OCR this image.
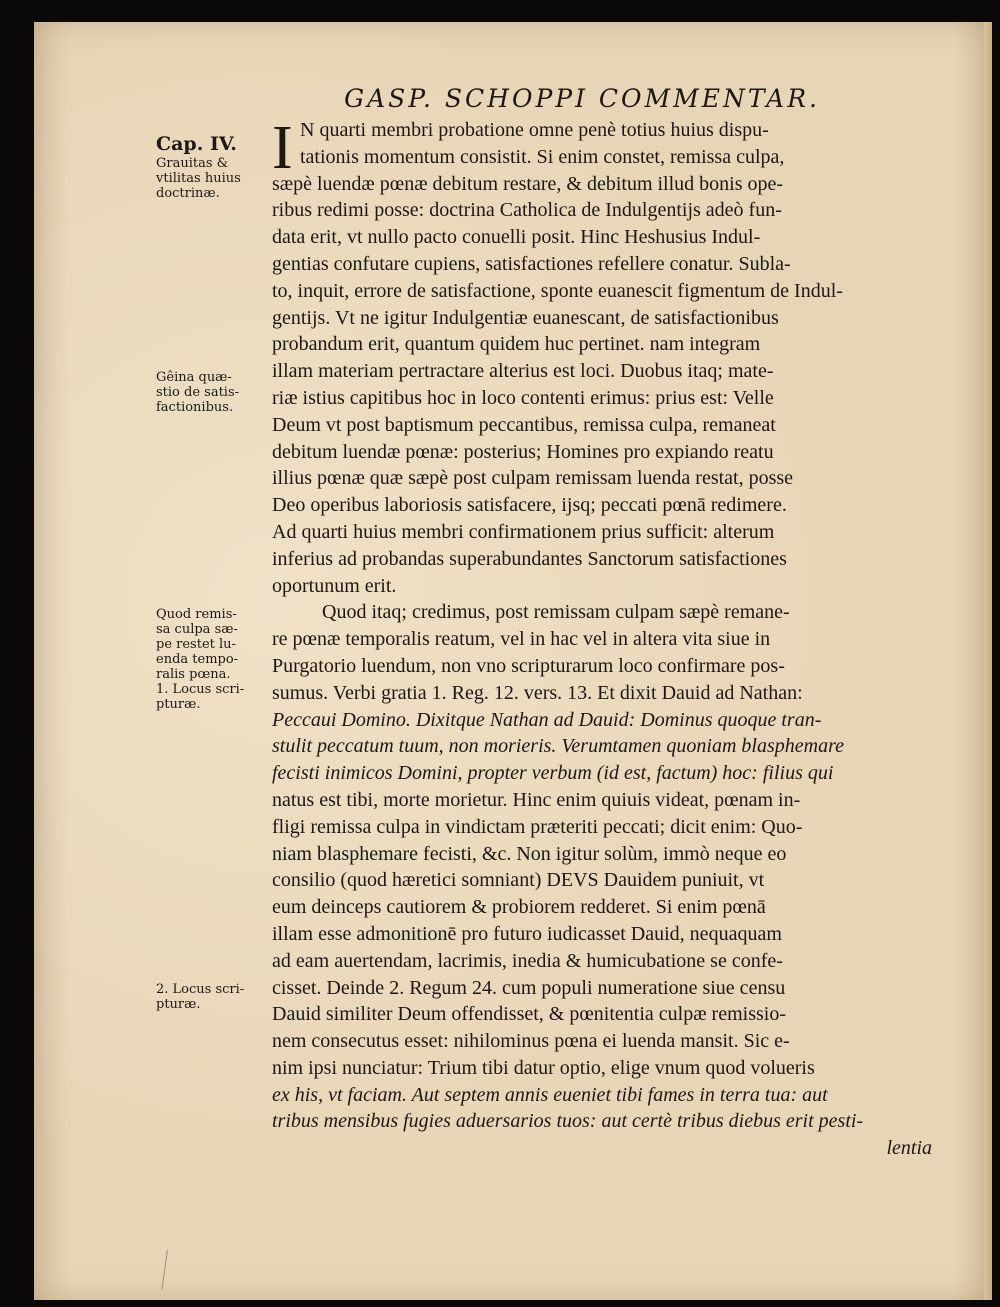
GASP. SCHOPPI COMMENTAR.
Cap. IV.
Grauitas &
vtilitas huius
doctrinæ.
Gêina quæ-
stio de satis-
factionibus.
Quod remis-
sa culpa sæ-
pe restet lu-
enda tempo-
ralis pœna.
1. Locus scri-
pturæ.
2. Locus scri-
pturæ.
I N quarti membri probatione omne penè totius huius dispu-
tationis momentum consistit. Si enim constet, remissa culpa,
sæpè luendæ pœnæ debitum restare, & debitum illud bonis ope-
ribus redimi posse: doctrina Catholica de Indulgentijs adeò fun-
data erit, vt nullo pacto conuelli posit. Hinc Heshusius Indul-
gentias confutare cupiens, satisfactiones refellere conatur. Subla-
to, inquit, errore de satisfactione, sponte euanescit figmentum de Indul-
gentijs. Vt ne igitur Indulgentiæ euanescant, de satisfactionibus
probandum erit, quantum quidem huc pertinet. nam integram
illam materiam pertractare alterius est loci. Duobus itaq; mate-
riæ istius capitibus hoc in loco contenti erimus: prius est: Velle
Deum vt post baptismum peccantibus, remissa culpa, remaneat
debitum luendæ pœnæ: posterius; Homines pro expiando reatu
illius pœnæ quæ sæpè post culpam remissam luenda restat, posse
Deo operibus laboriosis satisfacere, ijsq; peccati pœnā redimere.
Ad quarti huius membri confirmationem prius sufficit: alterum
inferius ad probandas superabundantes Sanctorum satisfactiones
oportunum erit.
Quod itaq; credimus, post remissam culpam sæpè remane-
re pœnæ temporalis reatum, vel in hac vel in altera vita siue in
Purgatorio luendum, non vno scripturarum loco confirmare pos-
sumus. Verbi gratia 1. Reg. 12. vers. 13. Et dixit Dauid ad Nathan:
Peccaui Domino. Dixitque Nathan ad Dauid: Dominus quoque tran-
stulit peccatum tuum, non morieris. Verumtamen quoniam blasphemare
fecisti inimicos Domini, propter verbum (id est, factum) hoc: filius qui
natus est tibi, morte morietur. Hinc enim quiuis videat, pœnam in-
fligi remissa culpa in vindictam præteriti peccati; dicit enim: Quo-
niam blasphemare fecisti, &c. Non igitur solùm, immò neque eo
consilio (quod hæretici somniant) DEVS Dauidem puniuit, vt
eum deinceps cautiorem & probiorem redderet. Si enim pœnā
illam esse admonitionē pro futuro iudicasset Dauid, nequaquam
ad eam auertendam, lacrimis, inedia & humicubatione se confe-
cisset. Deinde 2. Regum 24. cum populi numeratione siue censu
Dauid similiter Deum offendisset, & pœnitentia culpæ remissio-
nem consecutus esset: nihilominus pœna ei luenda mansit. Sic e-
nim ipsi nunciatur: Trium tibi datur optio, elige vnum quod volueris
ex his, vt faciam. Aut septem annis eueniet tibi fames in terra tua: aut
tribus mensibus fugies aduersarios tuos: aut certè tribus diebus erit pesti-
lentia
